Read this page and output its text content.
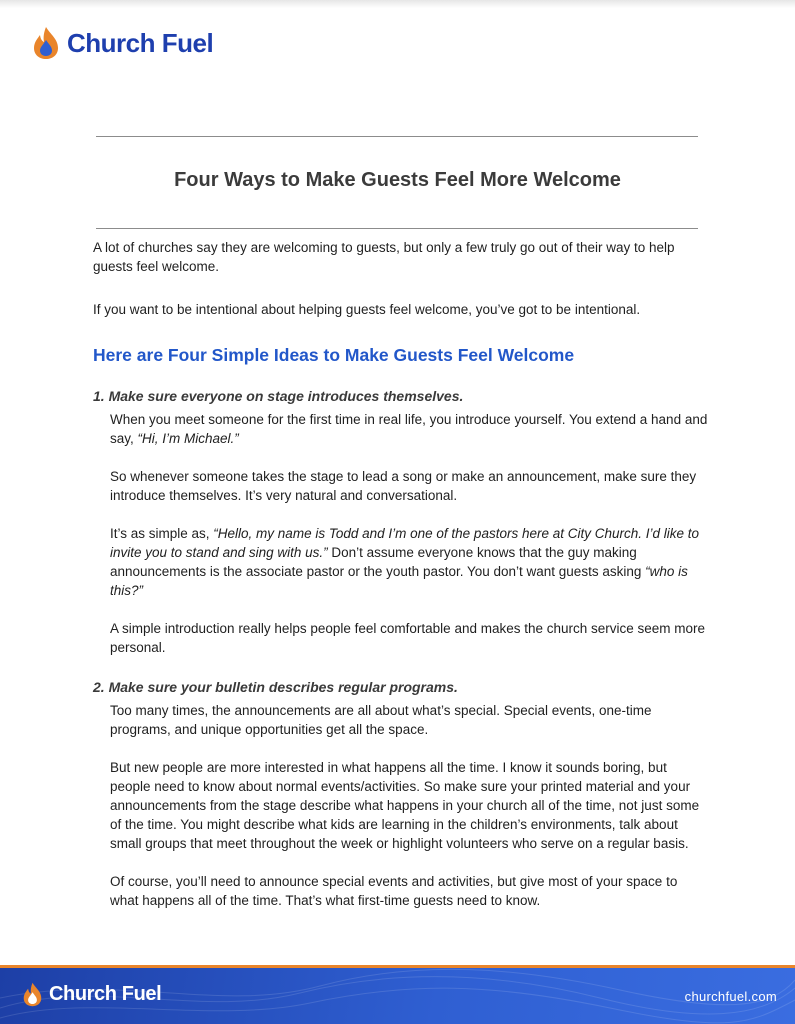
Church Fuel
Four Ways to Make Guests Feel More Welcome

A lot of churches say they are welcoming to guests, but only a few truly go out of their way to help guests feel welcome.

If you want to be intentional about helping guests feel welcome, you’ve got to be intentional.

Here are Four Simple Ideas to Make Guests Feel Welcome
1. Make sure everyone on stage introduces themselves.

When you meet someone for the first time in real life, you introduce yourself. You extend a hand and say, “Hi, I’m Michael.”

So whenever someone takes the stage to lead a song or make an announcement, make sure they introduce themselves. It’s very natural and conversational.

It’s as simple as, “Hello, my name is Todd and I’m one of the pastors here at City Church. I’d like to invite you to stand and sing with us.” Don’t assume everyone knows that the guy making announcements is the associate pastor or the youth pastor. You don’t want guests asking “who is this?”

A simple introduction really helps people feel comfortable and makes the church service seem more personal.

2. Make sure your bulletin describes regular programs.

Too many times, the announcements are all about what’s special. Special events, one-time programs, and unique opportunities get all the space.

But new people are more interested in what happens all the time. I know it sounds boring, but people need to know about normal events/activities. So make sure your printed material and your announcements from the stage describe what happens in your church all of the time, not just some of the time. You might describe what kids are learning in the children’s environments, talk about small groups that meet throughout the week or highlight volunteers who serve on a regular basis.

Of course, you’ll need to announce special events and activities, but give most of your space to what happens all of the time. That’s what first-time guests need to know.

Church Fuel	churchfuel.com
